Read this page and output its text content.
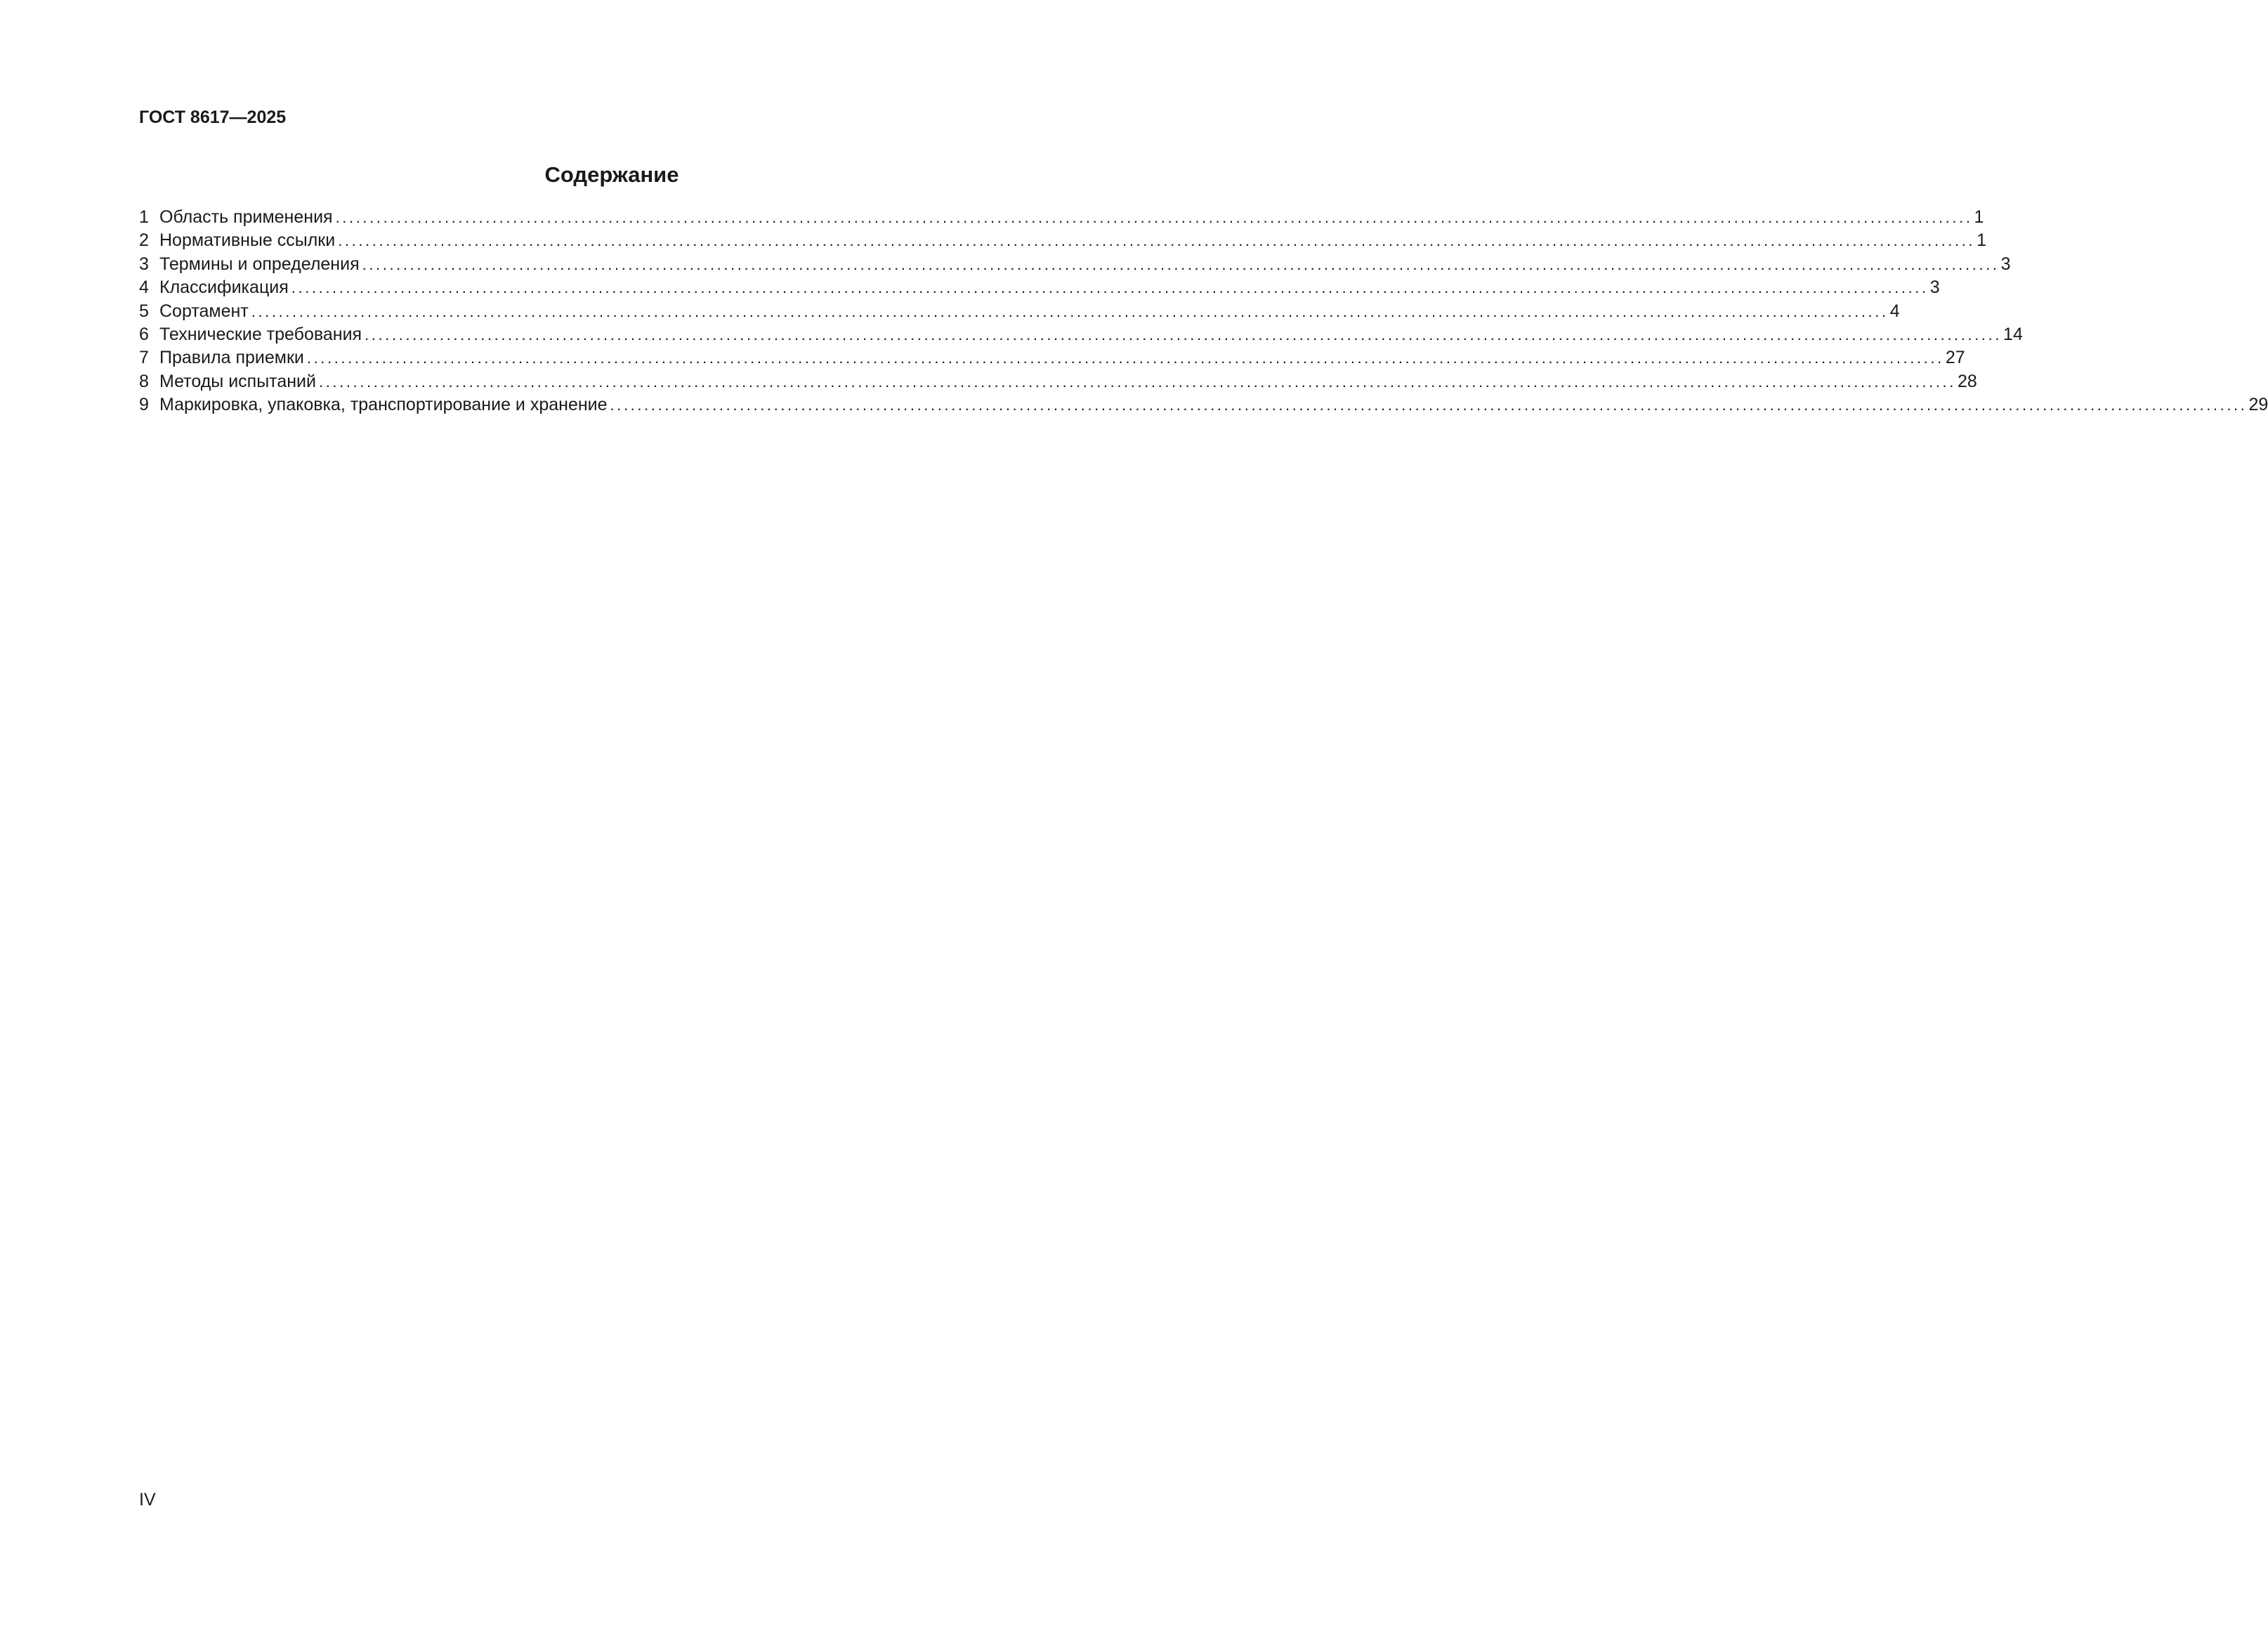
ГОСТ 8617—2025
Содержание
1 Область применения ................................................................................................................................................................................................................................................ 1
2 Нормативные ссылки ................................................................................................................................................................................................................................................ 1
3 Термины и определения ................................................................................................................................................................................................................................................ 3
4 Классификация ................................................................................................................................................................................................................................................ 3
5 Сортамент ................................................................................................................................................................................................................................................ 4
6 Технические требования ................................................................................................................................................................................................................................................ 14
7 Правила приемки ................................................................................................................................................................................................................................................ 27
8 Методы испытаний ................................................................................................................................................................................................................................................ 28
9 Маркировка, упаковка, транспортирование и хранение ................................................................................................................................................................................................................................................ 29
IV
